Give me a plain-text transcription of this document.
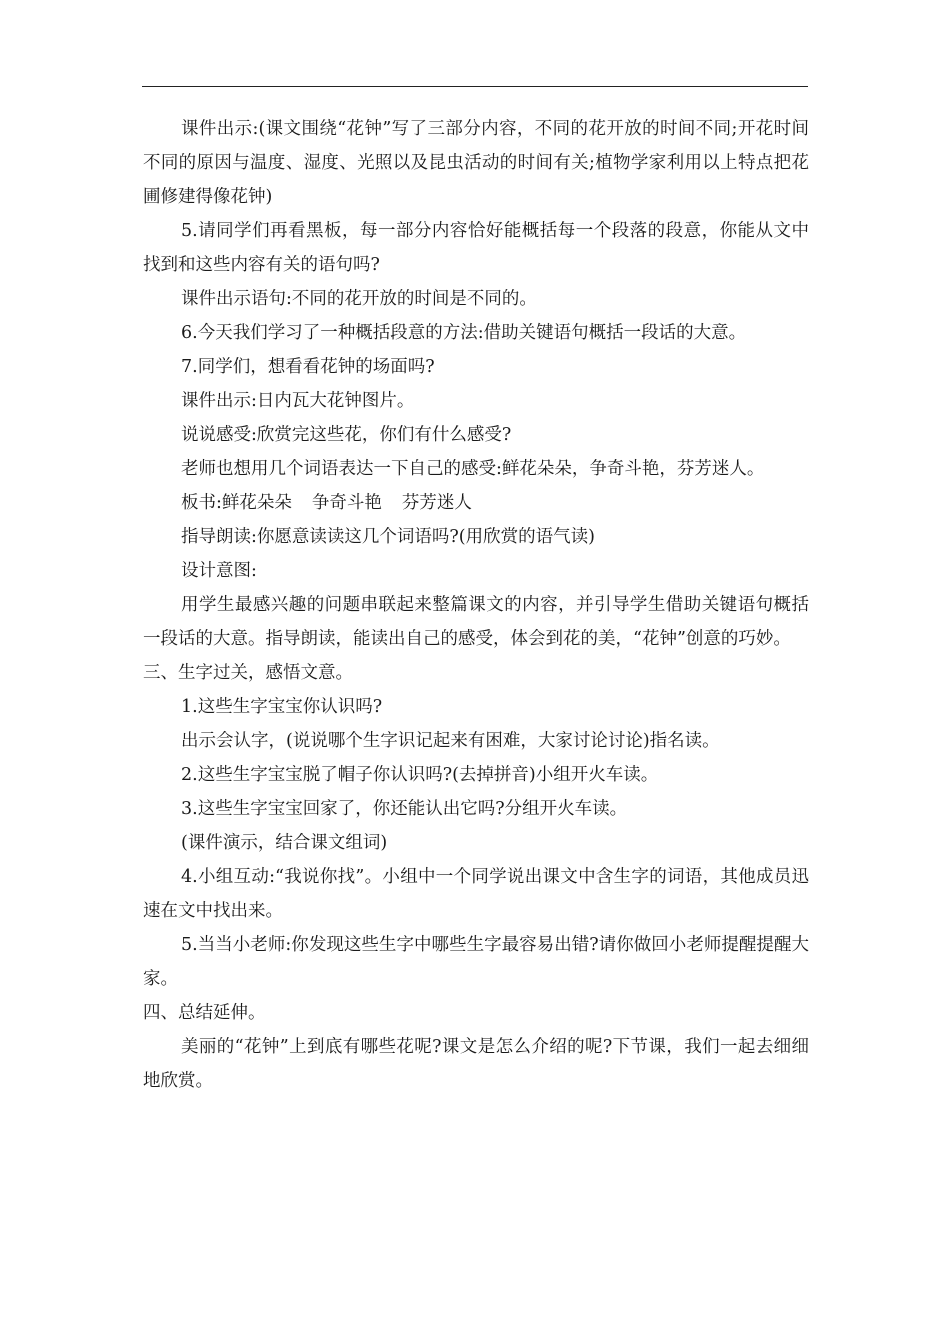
课件出示:(课文围绕“花钟”写了三部分内容，不同的花开放的时间不同;开花时间不同的原因与温度、湿度、光照以及昆虫活动的时间有关;植物学家利用以上特点把花圃修建得像花钟)

5.请同学们再看黑板，每一部分内容恰好能概括每一个段落的段意，你能从文中找到和这些内容有关的语句吗?

课件出示语句:不同的花开放的时间是不同的。

6.今天我们学习了一种概括段意的方法:借助关键语句概括一段话的大意。

7.同学们，想看看花钟的场面吗?

课件出示:日内瓦大花钟图片。

说说感受:欣赏完这些花，你们有什么感受?

老师也想用几个词语表达一下自己的感受:鲜花朵朵，争奇斗艳，芬芳迷人。

板书:鲜花朵朵 争奇斗艳 芬芳迷人

指导朗读:你愿意读读这几个词语吗?(用欣赏的语气读)

设计意图:

用学生最感兴趣的问题串联起来整篇课文的内容，并引导学生借助关键语句概括一段话的大意。指导朗读，能读出自己的感受，体会到花的美，“花钟”创意的巧妙。

三、生字过关，感悟文意。

1.这些生字宝宝你认识吗?

出示会认字，(说说哪个生字识记起来有困难，大家讨论讨论)指名读。

2.这些生字宝宝脱了帽子你认识吗?(去掉拼音)小组开火车读。

3.这些生字宝宝回家了，你还能认出它吗?分组开火车读。

(课件演示，结合课文组词)

4.小组互动:“我说你找”。小组中一个同学说出课文中含生字的词语，其他成员迅速在文中找出来。

5.当当小老师:你发现这些生字中哪些生字最容易出错?请你做回小老师提醒提醒大家。

四、总结延伸。

美丽的“花钟”上到底有哪些花呢?课文是怎么介绍的呢?下节课，我们一起去细细地欣赏。
